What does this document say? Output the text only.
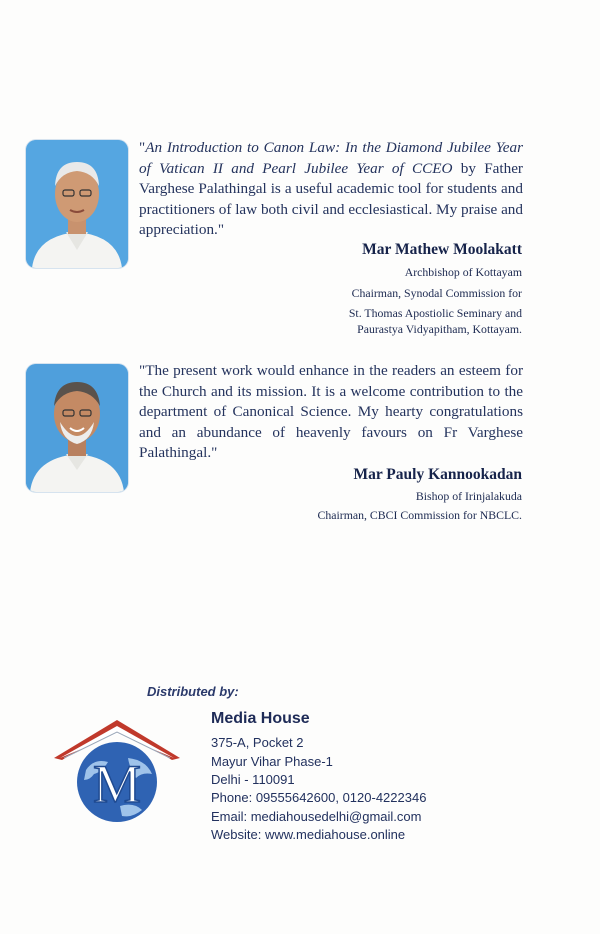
"An Introduction to Canon Law: In the Diamond Jubilee Year of Vatican II and Pearl Jubilee Year of CCEO by Father Varghese Palathingal is a useful academic tool for students and practitioners of law both civil and ecclesiastical. My praise and appreciation."
Mar Mathew Moolakatt
Archbishop of Kottayam
Chairman, Synodal Commission for
St. Thomas Apostiolic Seminary and
Paurastya Vidyapitham, Kottayam.
"The present work would enhance in the readers an esteem for the Church and its mission. It is a welcome contribution to the department of Canonical Science. My hearty congratulations and an abundance of heavenly favours on Fr Varghese Palathingal."
Mar Pauly Kannookadan
Bishop of Irinjalakuda
Chairman, CBCI Commission for NBCLC.
Distributed by:
M
Media House
375-A, Pocket 2
Mayur Vihar Phase-1
Delhi - 110091
Phone: 09555642600, 0120-4222346
Email: mediahousedelhi@gmail.com
Website: www.mediahouse.online
